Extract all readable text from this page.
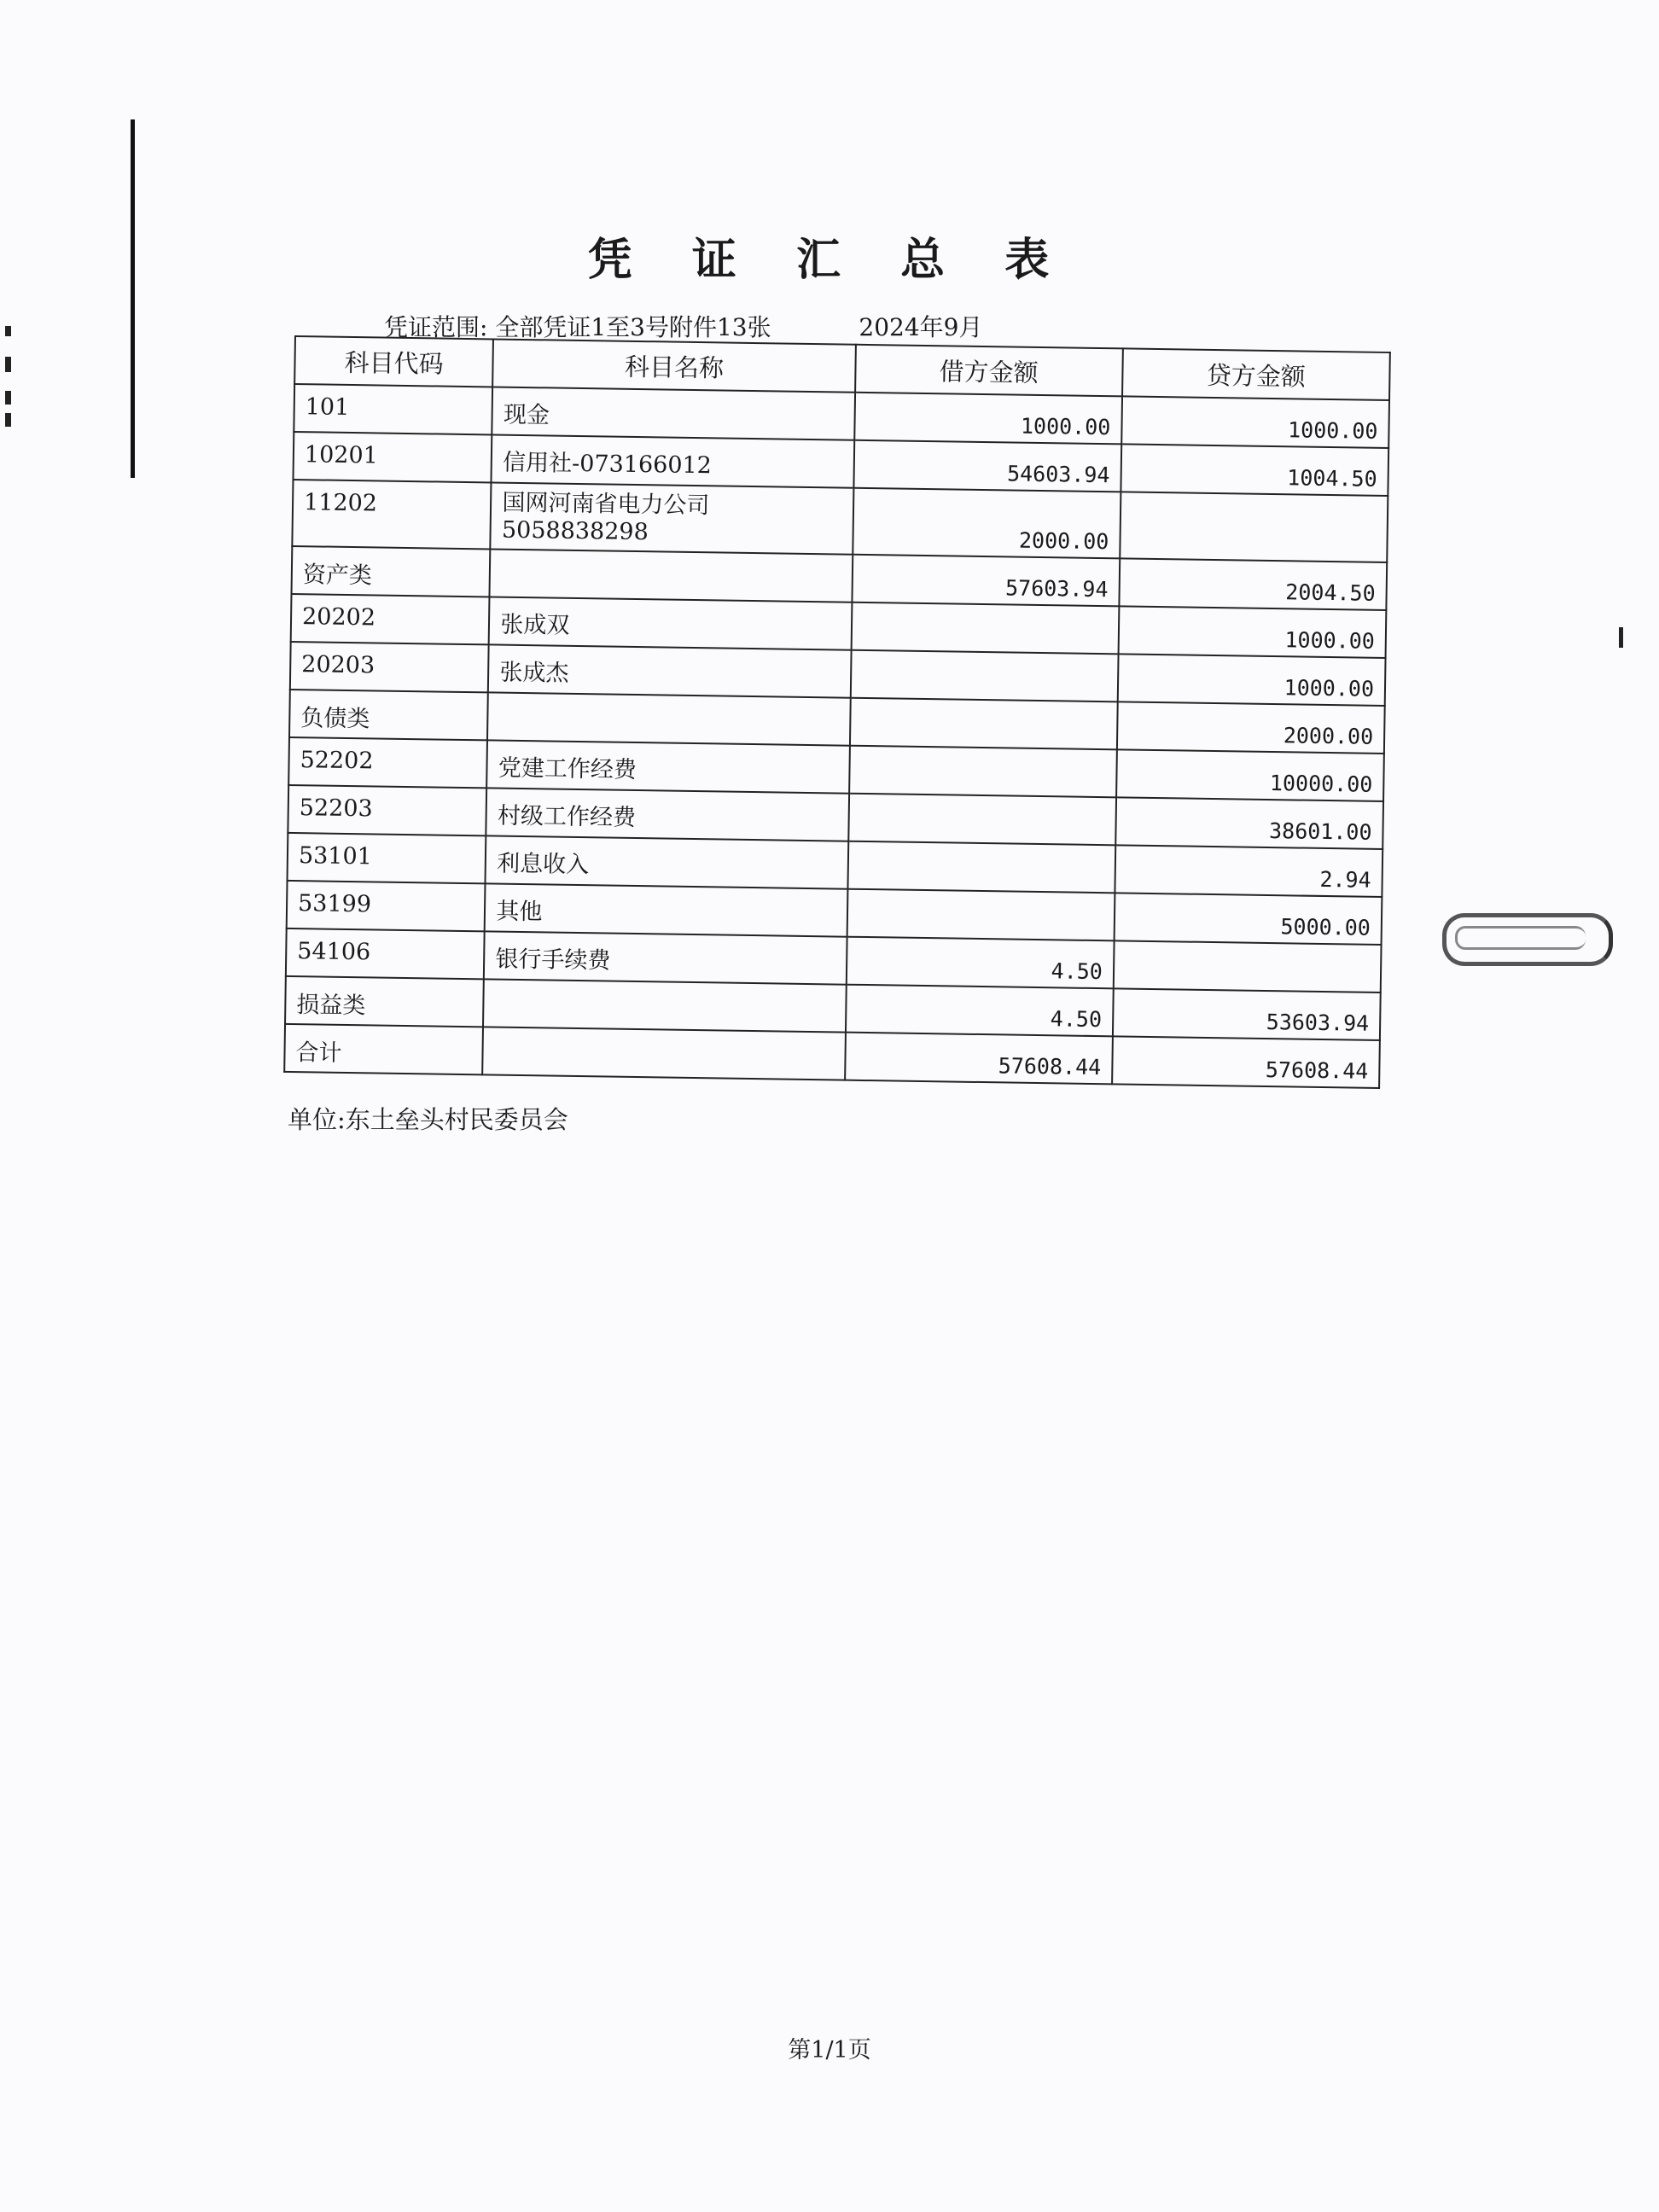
凭 证 汇 总 表
凭证范围: 全部凭证1至3号附件13张	2024年9月
科目代码	科目名称	借方金额	贷方金额
101	现金	1000.00	1000.00
10201	信用社-073166012	54603.94	1004.50
11202	国网河南省电力公司5058838298	2000.00	
资产类		57603.94	2004.50
20202	张成双		1000.00
20203	张成杰		1000.00
负债类			2000.00
52202	党建工作经费		10000.00
52203	村级工作经费		38601.00
53101	利息收入		2.94
53199	其他		5000.00
54106	银行手续费	4.50	
损益类		4.50	53603.94
合计		57608.44	57608.44
单位:东土垒头村民委员会
第1/1页
